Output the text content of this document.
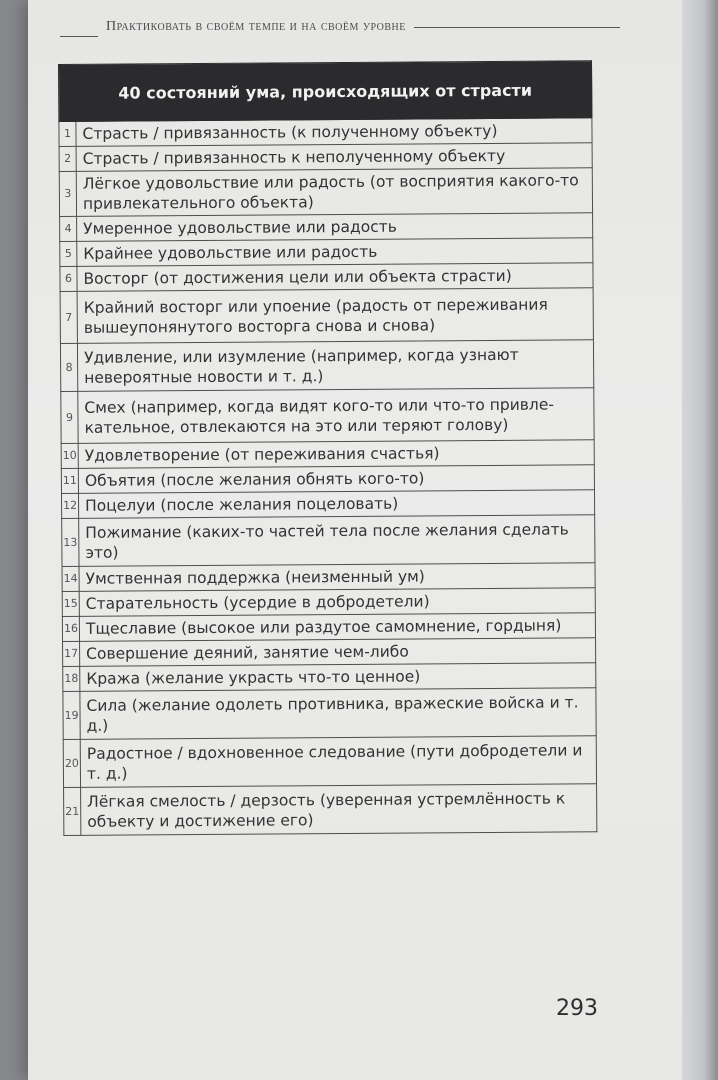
Практиковать в своём темпе и на своём уровне
40 состояний ума, происходящих от страсти	
1	Страсть / привязанность (к полученному объекту)
2	Страсть / привязанность к неполученному объекту
3	Лёгкое удовольствие или радость (от восприятия какого-то привлекательного объекта)
4	Умеренное удовольствие или радость
5	Крайнее удовольствие или радость
6	Восторг (от достижения цели или объекта страсти)
7	Крайний восторг или упоение (радость от переживания вышеупонянутого восторга снова и снова)
8	Удивление, или изумление (например, когда узнают невероятные новости и т. д.)
9	Смех (например, когда видят кого-то или что-то привле-кательное, отвлекаются на это или теряют голову)
10	Удовлетворение (от переживания счастья)
11	Объятия (после желания обнять кого-то)
12	Поцелуи (после желания поцеловать)
13	Пожимание (каких-то частей тела после желания сделать это)
14	Умственная поддержка (неизменный ум)
15	Старательность (усердие в добродетели)
16	Тщеславие (высокое или раздутое самомнение, гордыня)
17	Совершение деяний, занятие чем-либо
18	Кража (желание украсть что-то ценное)
19	Сила (желание одолеть противника, вражеские войска и т. д.)
20	Радостное / вдохновенное следование (пути добродетели и т. д.)
21	Лёгкая смелость / дерзость (уверенная устремлённость к объекту и достижение его)
293
